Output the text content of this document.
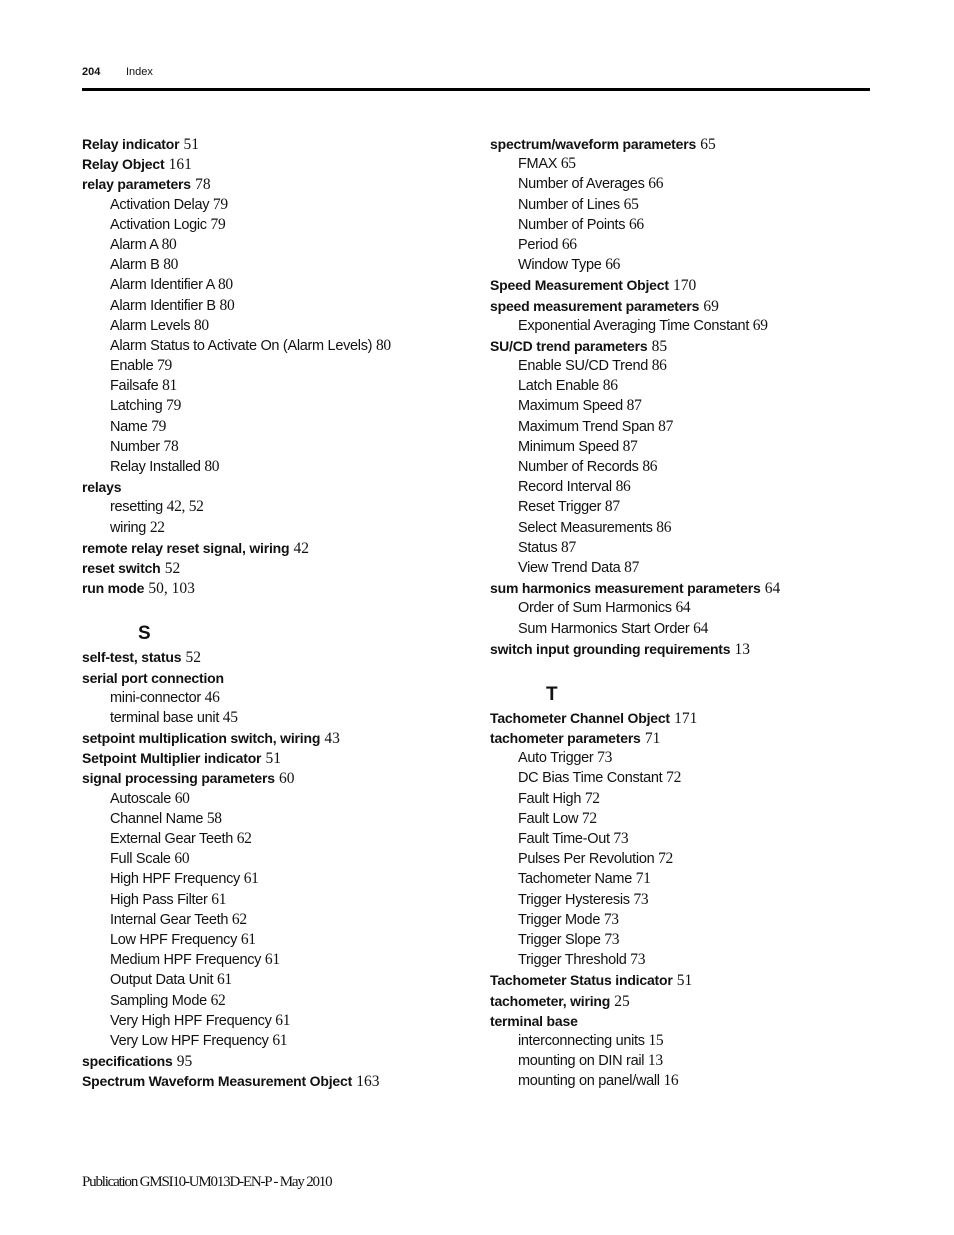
204 Index
Relay indicator 51
Relay Object 161
relay parameters 78
Activation Delay 79
Activation Logic 79
Alarm A 80
Alarm B 80
Alarm Identifier A 80
Alarm Identifier B 80
Alarm Levels 80
Alarm Status to Activate On (Alarm Levels) 80
Enable 79
Failsafe 81
Latching 79
Name 79
Number 78
Relay Installed 80
relays
resetting 42, 52
wiring 22
remote relay reset signal, wiring 42
reset switch 52
run mode 50, 103
S
self-test, status 52
serial port connection
mini-connector 46
terminal base unit 45
setpoint multiplication switch, wiring 43
Setpoint Multiplier indicator 51
signal processing parameters 60
Autoscale 60
Channel Name 58
External Gear Teeth 62
Full Scale 60
High HPF Frequency 61
High Pass Filter 61
Internal Gear Teeth 62
Low HPF Frequency 61
Medium HPF Frequency 61
Output Data Unit 61
Sampling Mode 62
Very High HPF Frequency 61
Very Low HPF Frequency 61
specifications 95
Spectrum Waveform Measurement Object 163
spectrum/waveform parameters 65
FMAX 65
Number of Averages 66
Number of Lines 65
Number of Points 66
Period 66
Window Type 66
Speed Measurement Object 170
speed measurement parameters 69
Exponential Averaging Time Constant 69
SU/CD trend parameters 85
Enable SU/CD Trend 86
Latch Enable 86
Maximum Speed 87
Maximum Trend Span 87
Minimum Speed 87
Number of Records 86
Record Interval 86
Reset Trigger 87
Select Measurements 86
Status 87
View Trend Data 87
sum harmonics measurement parameters 64
Order of Sum Harmonics 64
Sum Harmonics Start Order 64
switch input grounding requirements 13
T
Tachometer Channel Object 171
tachometer parameters 71
Auto Trigger 73
DC Bias Time Constant 72
Fault High 72
Fault Low 72
Fault Time-Out 73
Pulses Per Revolution 72
Tachometer Name 71
Trigger Hysteresis 73
Trigger Mode 73
Trigger Slope 73
Trigger Threshold 73
Tachometer Status indicator 51
tachometer, wiring 25
terminal base
interconnecting units 15
mounting on DIN rail 13
mounting on panel/wall 16
Publication GMSI10-UM013D-EN-P - May 2010
